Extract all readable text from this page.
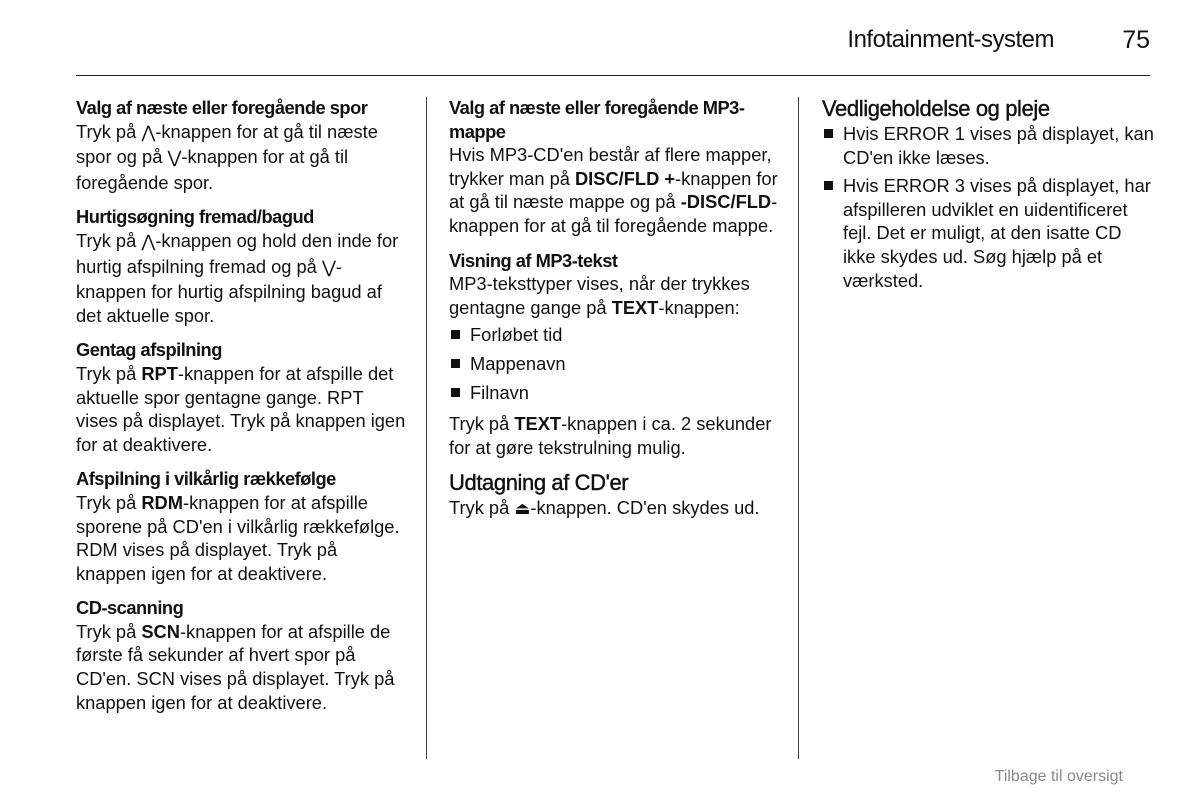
Infotainment-system	75
Valg af næste eller foregående spor
Tryk på ⋀-knappen for at gå til næste spor og på ⋁-knappen for at gå til foregående spor.
Hurtigsøgning fremad/bagud
Tryk på ⋀-knappen og hold den inde for hurtig afspilning fremad og på ⋁-knappen for hurtig afspilning bagud af det aktuelle spor.
Gentag afspilning
Tryk på RPT-knappen for at afspille det aktuelle spor gentagne gange. RPT vises på displayet. Tryk på knappen igen for at deaktivere.
Afspilning i vilkårlig rækkefølge
Tryk på RDM-knappen for at afspille sporene på CD'en i vilkårlig rækkefølge. RDM vises på displayet. Tryk på knappen igen for at deaktivere.
CD-scanning
Tryk på SCN-knappen for at afspille de første få sekunder af hvert spor på CD'en. SCN vises på displayet. Tryk på knappen igen for at deaktivere.
Valg af næste eller foregående MP3-mappe
Hvis MP3-CD'en består af flere mapper, trykker man på DISC/FLD +-knappen for at gå til næste mappe og på -DISC/FLD-knappen for at gå til foregående mappe.
Visning af MP3-tekst
MP3-teksttyper vises, når der trykkes gentagne gange på TEXT-knappen:
Forløbet tid
Mappenavn
Filnavn
Tryk på TEXT-knappen i ca. 2 sekunder for at gøre tekstrulning mulig.
Udtagning af CD'er
Tryk på ⏏-knappen. CD'en skydes ud.
Vedligeholdelse og pleje
Hvis ERROR 1 vises på displayet, kan CD'en ikke læses.
Hvis ERROR 3 vises på displayet, har afspilleren udviklet en uidentificeret fejl. Det er muligt, at den isatte CD ikke skydes ud. Søg hjælp på et værksted.
Tilbage til oversigt
